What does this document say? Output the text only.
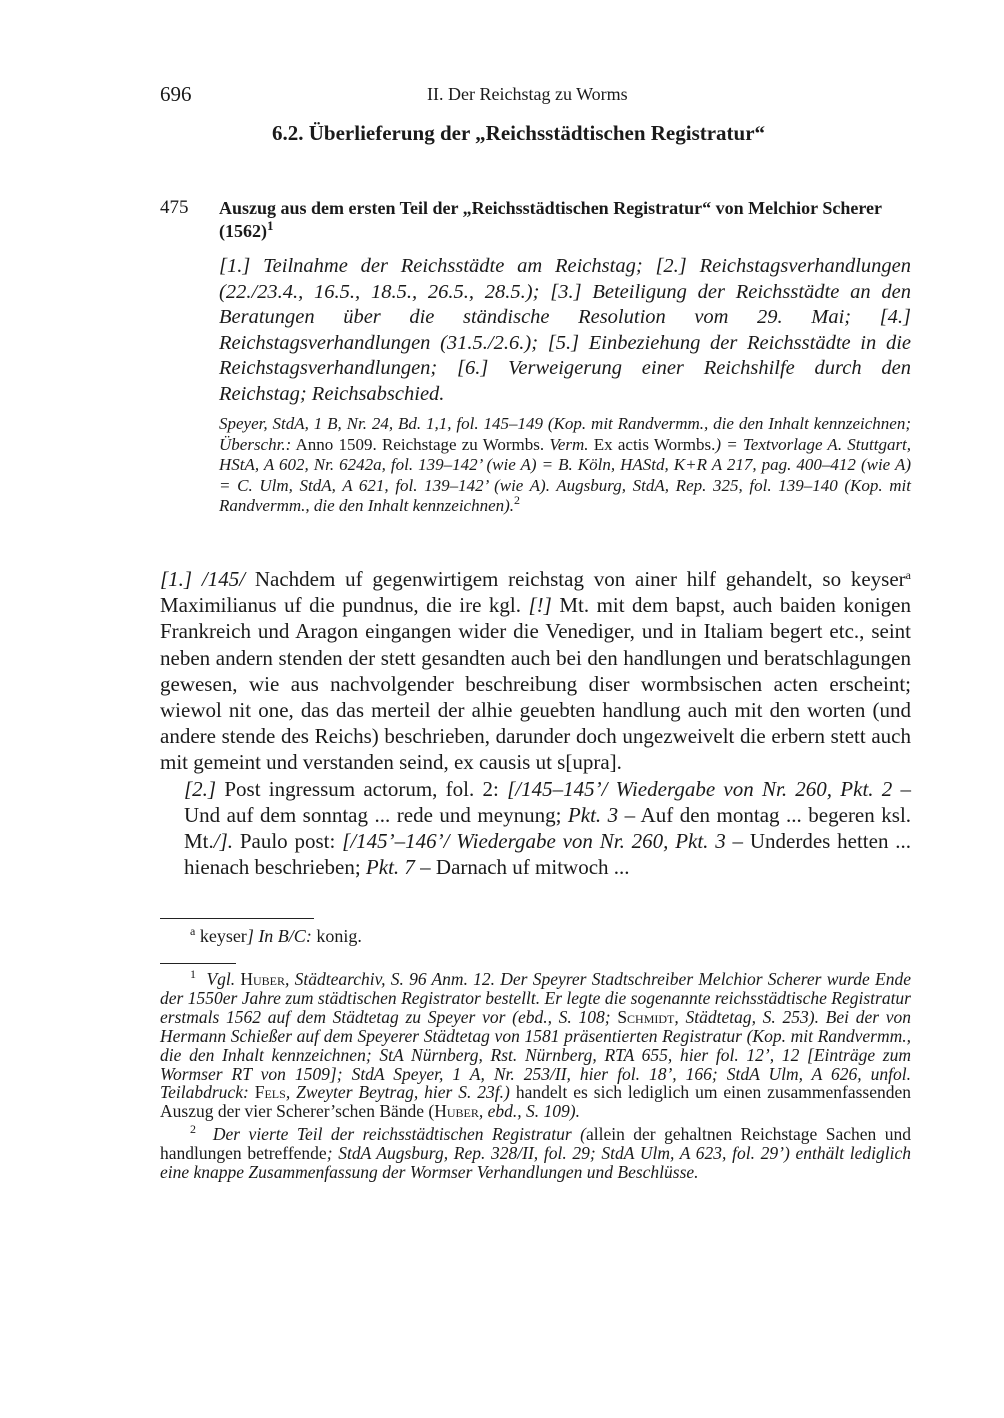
696	II. Der Reichstag zu Worms
6.2. Überlieferung der „Reichsstädtischen Registratur“
475 Auszug aus dem ersten Teil der „Reichsstädtischen Registratur“ von Melchior Scherer $(1562)^1$
[1.] Teilnahme der Reichsstädte am Reichstag; [2.] Reichstagsverhandlungen (22./23.4., 16.5., 18.5., 26.5., 28.5.); [3.] Beteiligung der Reichsstädte an den Beratungen über die ständische Resolution vom 29. Mai; [4.] Reichstagsverhandlungen (31.5./2.6.); [5.] Einbeziehung der Reichsstädte in die Reichstagsverhandlungen; [6.] Verweigerung einer Reichshilfe durch den Reichstag; Reichsabschied.
Speyer, StdA, 1 B, Nr. 24, Bd. 1,1, fol. 145–149 (Kop. mit Randvermm., die den Inhalt kennzeichnen; Überschr.: Anno 1509. Reichstage zu Wormbs. Verm. Ex actis Wormbs.) = Textvorlage A. Stuttgart, HStA, A 602, Nr. 6242a, fol. 139–142’ (wie A) = B. Köln, HAStd, K+R A 217, pag. 400–412 (wie A) = C. Ulm, StdA, A 621, fol. 139–142’ (wie A). Augsburg, StdA, Rep. 325, fol. 139–140 (Kop. mit Randvermm., die den Inhalt kennzeichnen).$^2$
[1.] /145/ Nachdem uf gegenwirtigem reichstag von ainer hilf gehandelt, so keyser$^a$ Maximilianus uf die pundnus, die ire kgl. [!] Mt. mit dem bapst, auch baiden konigen Frankreich und Aragon eingangen wider die Venediger, und in Italiam begert etc., seint neben andern stenden der stett gesandten auch bei den handlungen und beratschlagungen gewesen, wie aus nachvolgender beschreibung diser wormbsischen acten erscheint; wiewol nit one, das das merteil der alhie geuebten handlung auch mit den worten (und andere stende des Reichs) beschrieben, darunder doch ungezweivelt die erbern stett auch mit gemeint und verstanden seind, ex causis ut s[upra].
[2.] Post ingressum actorum, fol. 2: [/145–145’/ Wiedergabe von Nr. 260, Pkt. 2 – Und auf dem sonntag ... rede und meynung; Pkt. 3 – Auf den montag ... begeren ksl. Mt./]. Paulo post: [/145’–146’/ Wiedergabe von Nr. 260, Pkt. 3 – Underdes hetten ... hienach beschrieben; Pkt. 7 – Darnach uf mitwoch ...
$^a$ keyser] In B/C: konig.

$^1$ Vgl. Huber, Städtearchiv, S. 96 Anm. 12. Der Speyrer Stadtschreiber Melchior Scherer wurde Ende der 1550er Jahre zum städtischen Registrator bestellt. Er legte die sogenannte reichsstädtische Registratur erstmals 1562 auf dem Städtetag zu Speyer vor (ebd., S. 108; Schmidt, Städtetag, S. 253). Bei der von Hermann Schießer auf dem Speyerer Städtetag von 1581 präsentierten Registratur (Kop. mit Randvermm., die den Inhalt kennzeichnen; StA Nürnberg, Rst. Nürnberg, RTA 655, hier fol. 12’, 12 [Einträge zum Wormser RT von 1509]; StdA Speyer, 1 A, Nr. 253/II, hier fol. 18’, 166; StdA Ulm, A 626, unfol. Teilabdruck: Fels, Zweyter Beytrag, hier S. 23f.) handelt es sich lediglich um einen zusammenfassenden Auszug der vier Scherer’schen Bände (Huber, ebd., S. 109).

$^2$ Der vierte Teil der reichsstädtischen Registratur (allein der gehaltnen Reichstage Sachen und handlungen betreffende; StdA Augsburg, Rep. 328/II, fol. 29; StdA Ulm, A 623, fol. 29’) enthält lediglich eine knappe Zusammenfassung der Wormser Verhandlungen und Beschlüsse.
